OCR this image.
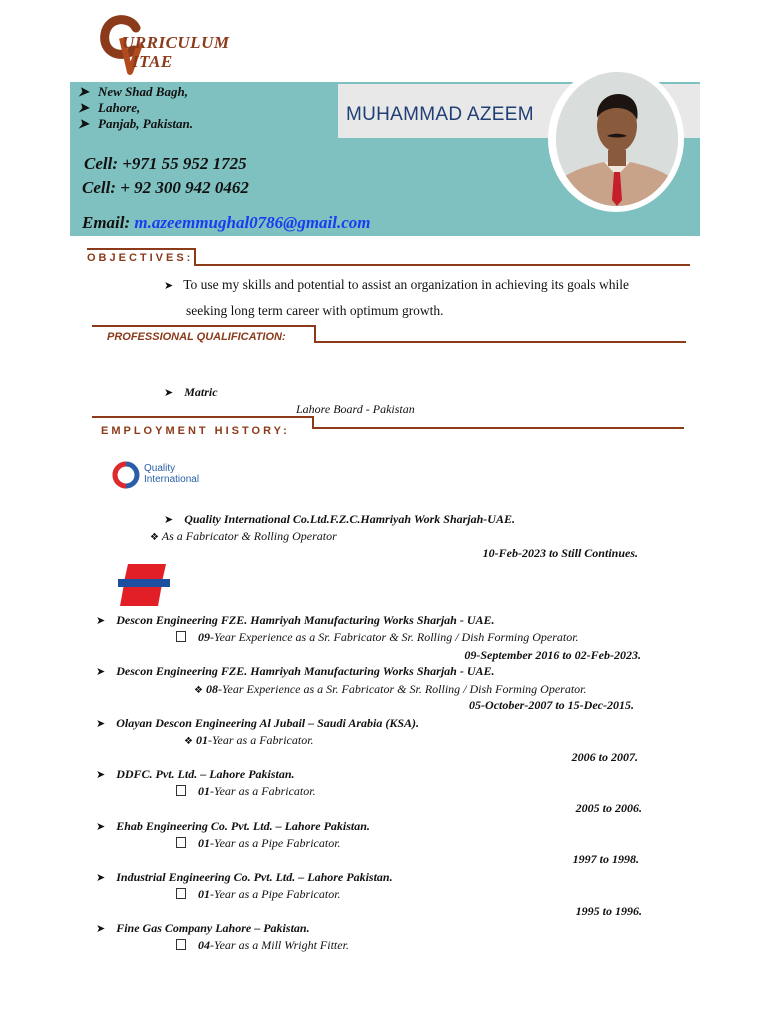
URRICULUM
ITAE
MUHAMMAD AZEEM
➤ New Shad Bagh,
➤ Lahore,
➤ Panjab, Pakistan.
Cell: +971 55 952 1725
Cell: + 92 300 942 0462
Email: m.azeemmughal0786@gmail.com
OBJECTIVES:
➤ To use my skills and potential to assist an organization in achieving its goals while
seeking long term career with optimum growth.
PROFESSIONAL QUALIFICATION:
➤ Matric
Lahore Board - Pakistan
EMPLOYMENT HISTORY:
Quality
International
➤ Quality International Co.Ltd.F.Z.C.Hamriyah Work Sharjah-UAE.
❖ As a Fabricator & Rolling Operator
10-Feb-2023 to Still Continues.
➤ Descon Engineering FZE. Hamriyah Manufacturing Works Sharjah - UAE.
09-Year Experience as a Sr. Fabricator & Sr. Rolling / Dish Forming Operator.
09-September 2016 to 02-Feb-2023.
➤ Descon Engineering FZE. Hamriyah Manufacturing Works Sharjah - UAE.
❖ 08-Year Experience as a Sr. Fabricator & Sr. Rolling / Dish Forming Operator.
05-October-2007 to 15-Dec-2015.
➤ Olayan Descon Engineering Al Jubail – Saudi Arabia (KSA).
❖ 01-Year as a Fabricator.
2006 to 2007.
➤ DDFC. Pvt. Ltd. – Lahore Pakistan.
01-Year as a Fabricator.
2005 to 2006.
➤ Ehab Engineering Co. Pvt. Ltd. – Lahore Pakistan.
01-Year as a Pipe Fabricator.
1997 to 1998.
➤ Industrial Engineering Co. Pvt. Ltd. – Lahore Pakistan.
01-Year as a Pipe Fabricator.
1995 to 1996.
➤ Fine Gas Company Lahore – Pakistan.
04-Year as a Mill Wright Fitter.
